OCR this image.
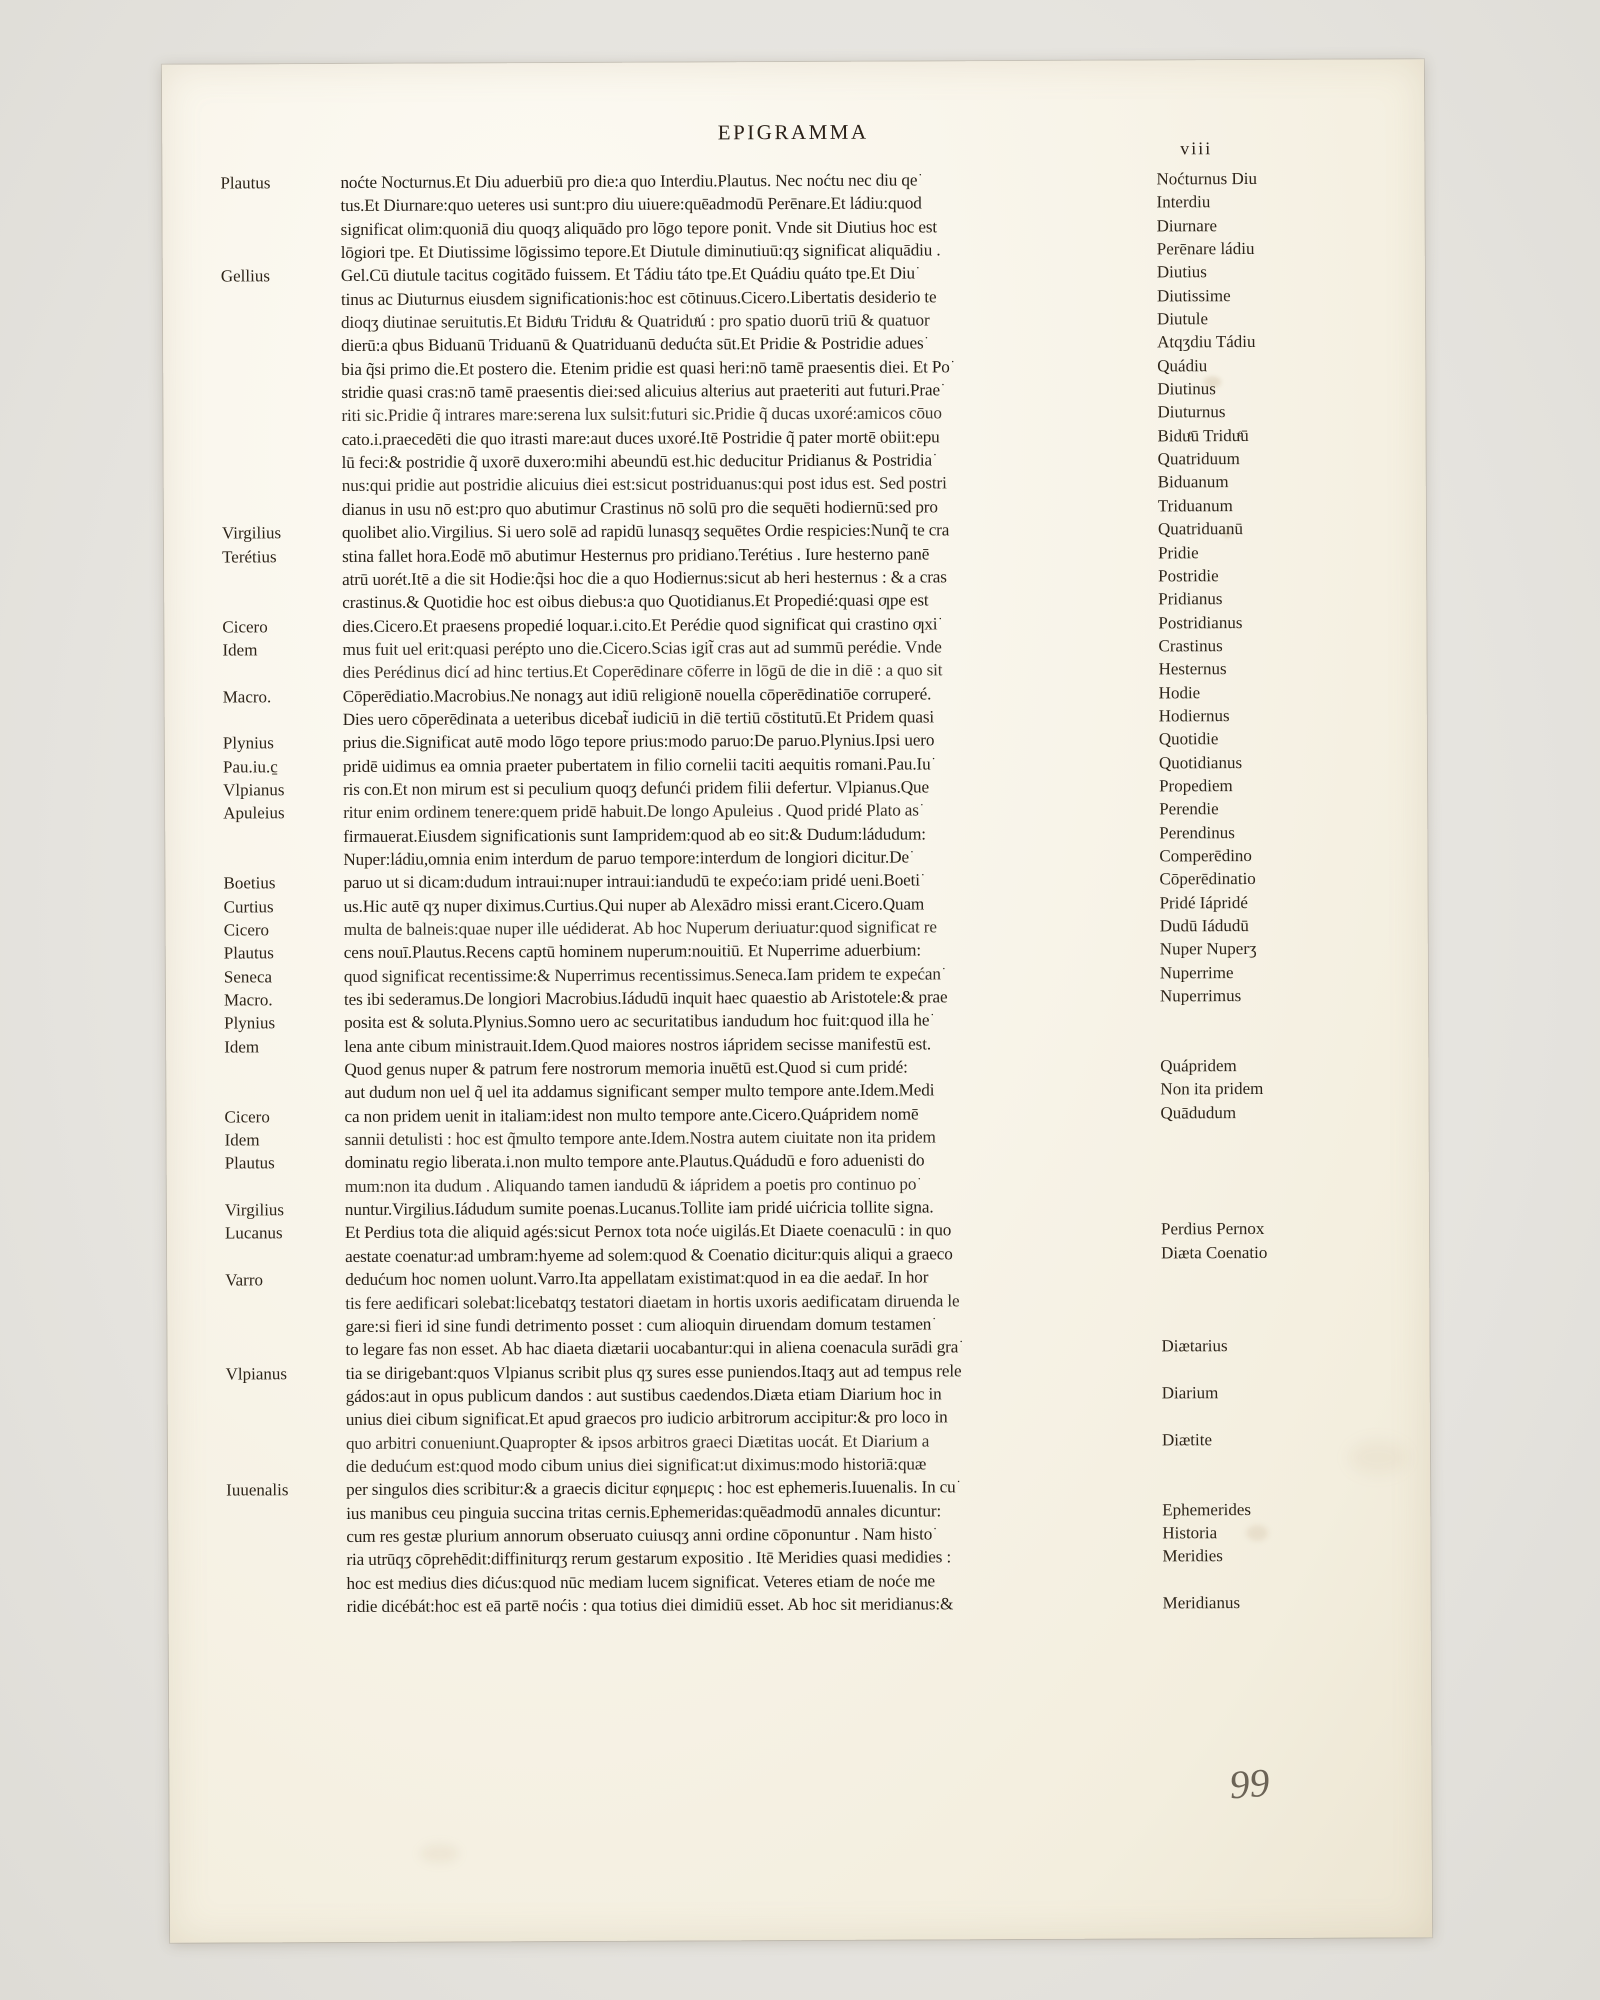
EPIGRAMMA
viii
Plautus	noćte Nocturnus.Et Diu aduerbiū pro die:a quo Interdiu.Plautus. Nec noćtu nec diu qe͘	Noćturnus Diu
tus.Et Diurnare:quo ueteres usi sunt:pro diu uiuere:quēadmodū Perēnare.Et ládiu:quod	Interdiu
significat olim:quoniā diu quoqʒ aliquādo pro lōgo tepore ponit. Vnde sit Diutius hoc est	Diurnare
lōgiori tpe. Et Diutissime lōgissimo tepore.Et Diutule diminutiuū:qʒ significat aliquādiu .	Perēnare ládiu
Gellius	Gel.Cū diutule tacitus cogitādo fuissem. Et Tádiu táto tpe.Et Quádiu quáto tpe.Et Diu͘	Diutius
tinus ac Diuturnus eiusdem significationis:hoc est cōtinuus.Cicero.Libertatis desiderio te	Diutissime
dioqʒ diutinae seruitutis.Et Biduͤu Triduͤu & Quatriduͤú : pro spatio duorū triū & quatuor	Diutule
dierū:a qbus Biduanū Triduanū & Quatriduanū dedućta sūt.Et Pridie & Postridie adues͘	Atqʒdiu Tádiu
bia q̃si primo die.Et postero die. Etenim pridie est quasi heri:nō tamē praesentis diei. Et Po͘	Quádiu
stridie quasi cras:nō tamē praesentis diei:sed alicuius alterius aut praeteriti aut futuri.Prae͘	Diutinus
riti sic.Pridie q̃ intrares mare:serena lux sulsit:futuri sic.Pridie q̃ ducas uxoré:amicos cōuo	Diuturnus
cato.i.praecedēti die quo itrasti mare:aut duces uxoré.Itē Postridie q̃ pater mortē obiit:epu	Biduͤū Triduͤū
lū feci:& postridie q̃ uxorē duxero:mihi abeundū est.hic deducitur Pridianus & Postridia͘	Quatriduum
nus:qui pridie aut postridie alicuius diei est:sicut postriduanus:qui post idus est. Sed postri	Biduanum
dianus in usu nō est:pro quo abutimur Crastinus nō solū pro die sequēti hodiernū:sed pro	Triduanum
Virgilius	quolibet alio.Virgilius. Si uero solē ad rapidū lunasqʒ sequētes Ordie respicies:Nunq̃ te cra	Quatriduanū
Terétius	stina fallet hora.Eodē mō abutimur Hesternus pro pridiano.Terétius . Iure hesterno panē	Pridie
atrū uorét.Itē a die sit Hodie:q̃si hoc die a quo Hodiernus:sicut ab heri hesternus : & a cras	Postridie
crastinus.& Quotidie hoc est oibus diebus:a quo Quotidianus.Et Propedié:quasi ƣpe est	Pridianus
Cicero	dies.Cicero.Et praesens propedié loquar.i.cito.Et Perédie quod significat qui crastino ƣxi͘	Postridianus
Idem	mus fuit uel erit:quasi perépto uno die.Cicero.Scias igit̃ cras aut ad summū perédie. Vnde	Crastinus
dies Perédinus dicí ad hinc tertius.Et Coperēdinare cōferre in lōgū de die in diē : a quo sit	Hesternus
Macro.	Cōperēdiatio.Macrobius.Ne nonagʒ aut idiū religionē nouella cōperēdinatiōe corruperé.	Hodie
Dies uero cōperēdinata a ueteribus dicebat̃ iudiciū in diē tertiū cōstitutū.Et Pridem quasi	Hodiernus
Plynius	prius die.Significat autē modo lōgo tepore prius:modo paruo:De paruo.Plynius.Ipsi uero	Quotidie
Pau.iu.c̱	pridē uidimus ea omnia praeter pubertatem in filio cornelii taciti aequitis romani.Pau.Iu͘	Quotidianus
Vlpianus	ris con.Et non mirum est si peculium quoqʒ defunći pridem filii defertur. Vlpianus.Que	Propediem
Apuleius	ritur enim ordinem tenere:quem pridē habuit.De longo Apuleius . Quod pridé Plato as͘	Perendie
firmauerat.Eiusdem significationis sunt Iampridem:quod ab eo sit:& Dudum:ládudum:	Perendinus
Nuper:ládiu,omnia enim interdum de paruo tempore:interdum de longiori dicitur.De͘	Comperēdino
Boetius	paruo ut si dicam:dudum intraui:nuper intraui:iandudū te expećo:iam pridé ueni.Boeti͘	Cōperēdinatio
Curtius	us.Hic autē qʒ nuper diximus.Curtius.Qui nuper ab Alexādro missi erant.Cicero.Quam	Pridé Iápridé
Cicero	multa de balneis:quae nuper ille uédiderat. Ab hoc Nuperum deriuatur:quod significat re	Dudū Iádudū
Plautus	cens nouī.Plautus.Recens captū hominem nuperum:nouitiū. Et Nuperrime aduerbium:	Nuper Nuperʒ
Seneca	quod significat recentissime:& Nuperrimus recentissimus.Seneca.Iam pridem te expećan͘	Nuperrime
Macro.	tes ibi sederamus.De longiori Macrobius.Iádudū inquit haec quaestio ab Aristotele:& prae	Nuperrimus
Plynius	posita est & soluta.Plynius.Somno uero ac securitatibus iandudum hoc fuit:quod illa he͘
Idem	lena ante cibum ministrauit.Idem.Quod maiores nostros iápridem secisse manifestū est.
Quod genus nuper & patrum fere nostrorum memoria inuētū est.Quod si cum pridé:	Quápridem
aut dudum non uel q̃ uel ita addamus significant semper multo tempore ante.Idem.Medi	Non ita pridem
Cicero	ca non pridem uenit in italiam:idest non multo tempore ante.Cicero.Quápridem nomē	Quādudum
Idem	sannii detulisti : hoc est q̃multo tempore ante.Idem.Nostra autem ciuitate non ita pridem
Plautus	dominatu regio liberata.i.non multo tempore ante.Plautus.Quádudū e foro aduenisti do
mum:non ita dudum . Aliquando tamen iandudū & iápridem a poetis pro continuo po͘
Virgilius	nuntur.Virgilius.Iádudum sumite poenas.Lucanus.Tollite iam pridé uićricia tollite signa.
Lucanus	Et Perdius tota die aliquid agés:sicut Pernox tota noće uigilás.Et Diaete coenaculū : in quo	Perdius Pernox
aestate coenatur:ad umbram:hyeme ad solem:quod & Coenatio dicitur:quis aliqui a graeco	Diæta Coenatio
Varro	dedućum hoc nomen uolunt.Varro.Ita appellatam existimat:quod in ea die aedar̄. In hor
tis fere aedificari solebat:licebatqʒ testatori diaetam in hortis uxoris aedificatam diruenda le
gare:si fieri id sine fundi detrimento posset : cum alioquin diruendam domum testamen͘
to legare fas non esset. Ab hac diaeta diætarii uocabantur:qui in aliena coenacula surādi gra͘	Diætarius
Vlpianus	tia se dirigebant:quos Vlpianus scribit plus qʒ sures esse puniendos.Itaqʒ aut ad tempus rele
gádos:aut in opus publicum dandos : aut sustibus caedendos.Diæta etiam Diarium hoc in	Diarium
unius diei cibum significat.Et apud graecos pro iudicio arbitrorum accipitur:& pro loco in
quo arbitri conueniunt.Quapropter & ipsos arbitros graeci Diætitas uocát. Et Diarium a	Diætite
die dedućum est:quod modo cibum unius diei significat:ut diximus:modo historiā:quæ
Iuuenalis	per singulos dies scribitur:& a graecis dicitur εφημερις : hoc est ephemeris.Iuuenalis. In cu͘
ius manibus ceu pinguia succina tritas cernis.Ephemeridas:quēadmodū annales dicuntur:	Ephemerides
cum res gestæ plurium annorum obseruato cuiusqʒ anni ordine cōponuntur . Nam histo͘	Historia
ria utrūqʒ cōprehēdit:diffiniturqʒ rerum gestarum expositio . Itē Meridies quasi medidies :	Meridies
hoc est medius dies dićus:quod nūc mediam lucem significat. Veteres etiam de noće me
ridie dicébát:hoc est eā partē noćis : qua totius diei dimidiū esset. Ab hoc sit meridianus:&	Meridianus
99
